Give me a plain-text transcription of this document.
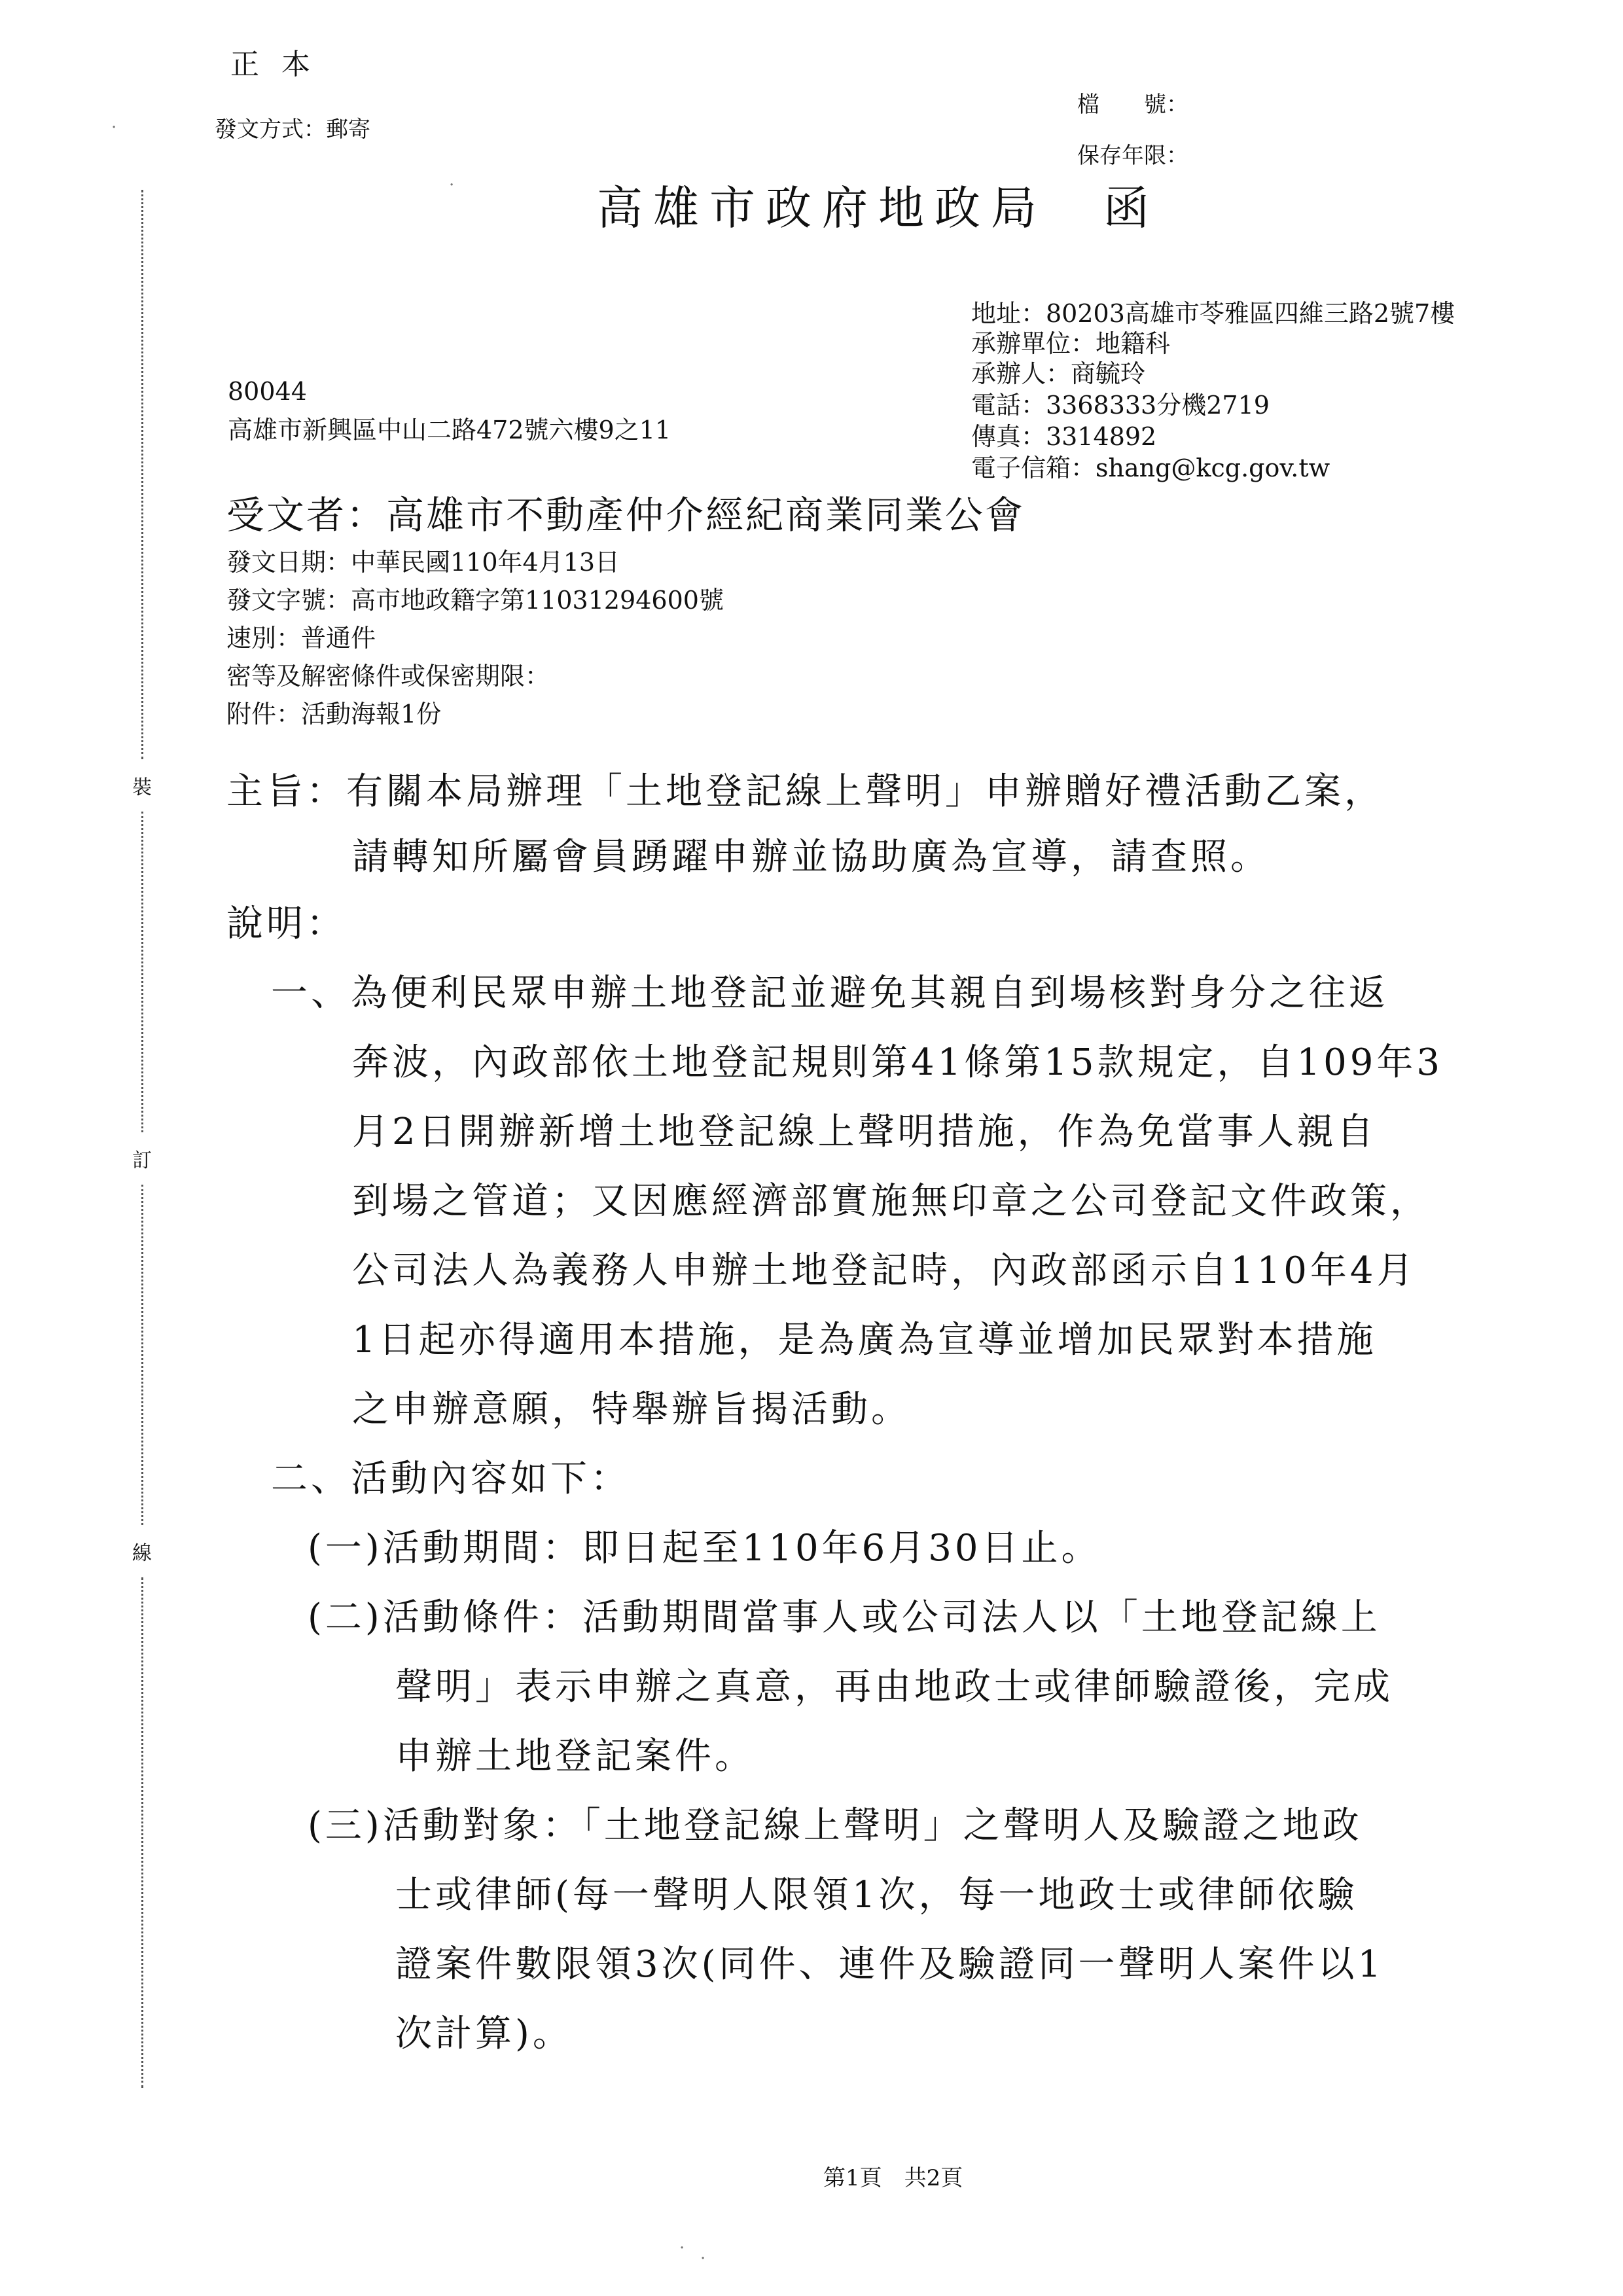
正 本
發文方式：郵寄
檔　　號：
保存年限：
高雄市政府地政局　函
地址：80203高雄市苓雅區四維三路2號7樓
承辦單位：地籍科
承辦人：商毓玲
電話：3368333分機2719
傳真：3314892
電子信箱：shang@kcg.gov.tw
80044
高雄市新興區中山二路472號六樓9之11
受文者：高雄市不動產仲介經紀商業同業公會
發文日期：中華民國110年4月13日
發文字號：高市地政籍字第11031294600號
速別：普通件
密等及解密條件或保密期限：
附件：活動海報1份
裝
訂
線
主旨：有關本局辦理「土地登記線上聲明」申辦贈好禮活動乙案，
請轉知所屬會員踴躍申辦並協助廣為宣導，請查照。
說明：
一、為便利民眾申辦土地登記並避免其親自到場核對身分之往返
奔波，內政部依土地登記規則第41條第15款規定，自109年3
月2日開辦新增土地登記線上聲明措施，作為免當事人親自
到場之管道；又因應經濟部實施無印章之公司登記文件政策，
公司法人為義務人申辦土地登記時，內政部函示自110年4月
1日起亦得適用本措施，是為廣為宣導並增加民眾對本措施
之申辦意願，特舉辦旨揭活動。
二、活動內容如下：
(一)活動期間：即日起至110年6月30日止。
(二)活動條件：活動期間當事人或公司法人以「土地登記線上
聲明」表示申辦之真意，再由地政士或律師驗證後，完成
申辦土地登記案件。
(三)活動對象：「土地登記線上聲明」之聲明人及驗證之地政
士或律師(每一聲明人限領1次，每一地政士或律師依驗
證案件數限領3次(同件、連件及驗證同一聲明人案件以1
次計算)。
第1頁　共2頁
·
·
·
·
